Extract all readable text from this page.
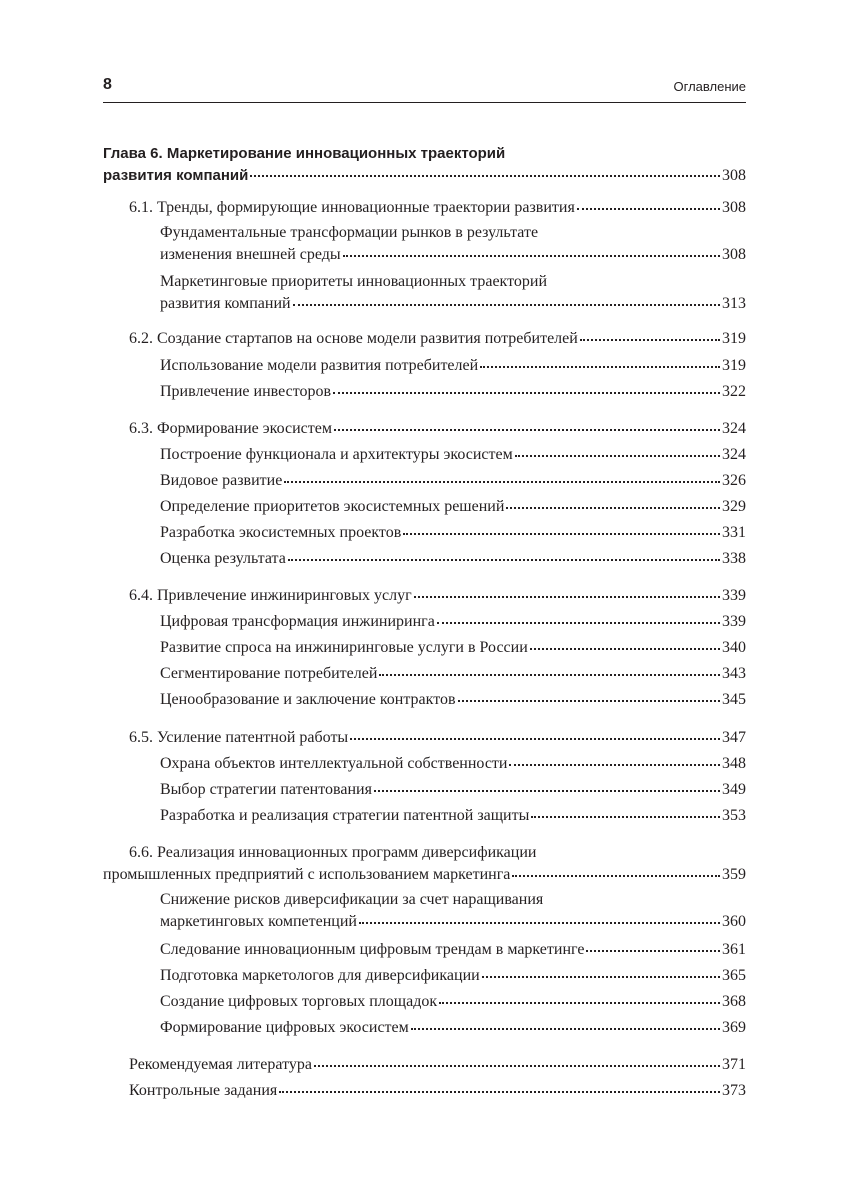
8	Оглавление
Глава 6. Маркетирование инновационных траекторий
развития компаний	308
6.1. Тренды, формирующие инновационные траектории развития	308
Фундаментальные трансформации рынков в результате
изменения внешней среды	308
Маркетинговые приоритеты инновационных траекторий
развития компаний	313
6.2. Создание стартапов на основе модели развития потребителей	319
Использование модели развития потребителей	319
Привлечение инвесторов	322
6.3. Формирование экосистем	324
Построение функционала и архитектуры экосистем	324
Видовое развитие	326
Определение приоритетов экосистемных решений	329
Разработка экосистемных проектов	331
Оценка результата	338
6.4. Привлечение инжиниринговых услуг	339
Цифровая трансформация инжиниринга	339
Развитие спроса на инжиниринговые услуги в России	340
Сегментирование потребителей	343
Ценообразование и заключение контрактов	345
6.5. Усиление патентной работы	347
Охрана объектов интеллектуальной собственности	348
Выбор стратегии патентования	349
Разработка и реализация стратегии патентной защиты	353
6.6. Реализация инновационных программ диверсификации
промышленных предприятий с использованием маркетинга	359
Снижение рисков диверсификации за счет наращивания
маркетинговых компетенций	360
Следование инновационным цифровым трендам в маркетинге	361
Подготовка маркетологов для диверсификации	365
Создание цифровых торговых площадок	368
Формирование цифровых экосистем	369
Рекомендуемая литература	371
Контрольные задания	373
